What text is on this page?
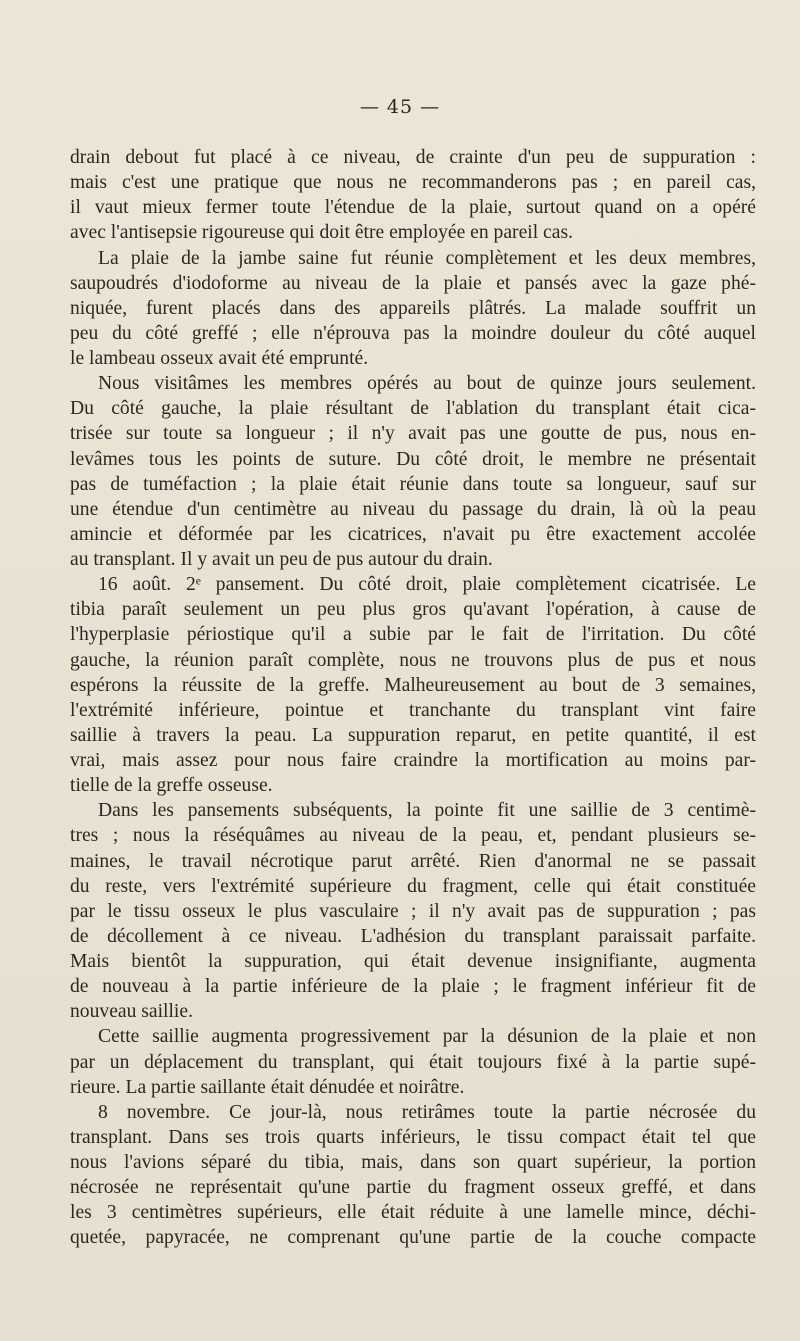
— 45 —
drain debout fut placé à ce niveau, de crainte d'un peu de suppuration :
mais c'est une pratique que nous ne recommanderons pas ; en pareil cas,
il vaut mieux fermer toute l'étendue de la plaie, surtout quand on a opéré
avec l'antisepsie rigoureuse qui doit être employée en pareil cas.
La plaie de la jambe saine fut réunie complètement et les deux membres,
saupoudrés d'iodoforme au niveau de la plaie et pansés avec la gaze phé-
niquée, furent placés dans des appareils plâtrés. La malade souffrit un
peu du côté greffé ; elle n'éprouva pas la moindre douleur du côté auquel
le lambeau osseux avait été emprunté.
Nous visitâmes les membres opérés au bout de quinze jours seulement.
Du côté gauche, la plaie résultant de l'ablation du transplant était cica-
trisée sur toute sa longueur ; il n'y avait pas une goutte de pus, nous en-
levâmes tous les points de suture. Du côté droit, le membre ne présentait
pas de tuméfaction ; la plaie était réunie dans toute sa longueur, sauf sur
une étendue d'un centimètre au niveau du passage du drain, là où la peau
amincie et déformée par les cicatrices, n'avait pu être exactement accolée
au transplant. Il y avait un peu de pus autour du drain.
16 août. 2ᵉ pansement. Du côté droit, plaie complètement cicatrisée. Le
tibia paraît seulement un peu plus gros qu'avant l'opération, à cause de
l'hyperplasie périostique qu'il a subie par le fait de l'irritation. Du côté
gauche, la réunion paraît complète, nous ne trouvons plus de pus et nous
espérons la réussite de la greffe. Malheureusement au bout de 3 semaines,
l'extrémité inférieure, pointue et tranchante du transplant vint faire
saillie à travers la peau. La suppuration reparut, en petite quantité, il est
vrai, mais assez pour nous faire craindre la mortification au moins par-
tielle de la greffe osseuse.
Dans les pansements subséquents, la pointe fit une saillie de 3 centimè-
tres ; nous la réséquâmes au niveau de la peau, et, pendant plusieurs se-
maines, le travail nécrotique parut arrêté. Rien d'anormal ne se passait
du reste, vers l'extrémité supérieure du fragment, celle qui était constituée
par le tissu osseux le plus vasculaire ; il n'y avait pas de suppuration ; pas
de décollement à ce niveau. L'adhésion du transplant paraissait parfaite.
Mais bientôt la suppuration, qui était devenue insignifiante, augmenta
de nouveau à la partie inférieure de la plaie ; le fragment inférieur fit de
nouveau saillie.
Cette saillie augmenta progressivement par la désunion de la plaie et non
par un déplacement du transplant, qui était toujours fixé à la partie supé-
rieure. La partie saillante était dénudée et noirâtre.
8 novembre. Ce jour-là, nous retirâmes toute la partie nécrosée du
transplant. Dans ses trois quarts inférieurs, le tissu compact était tel que
nous l'avions séparé du tibia, mais, dans son quart supérieur, la portion
nécrosée ne représentait qu'une partie du fragment osseux greffé, et dans
les 3 centimètres supérieurs, elle était réduite à une lamelle mince, déchi-
quetée, papyracée, ne comprenant qu'une partie de la couche compacte
